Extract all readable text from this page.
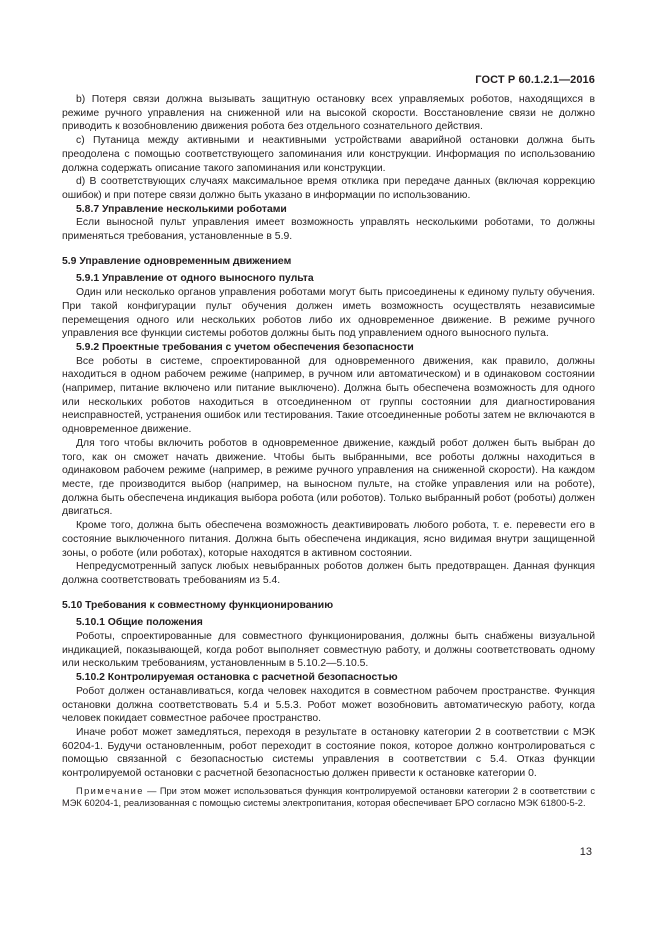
ГОСТ Р 60.1.2.1—2016

b) Потеря связи должна вызывать защитную остановку всех управляемых роботов, находящихся в режиме ручного управления на сниженной или на высокой скорости. Восстановление связи не должно приводить к возобновлению движения робота без отдельного сознательного действия.

c) Путаница между активными и неактивными устройствами аварийной остановки должна быть преодолена с помощью соответствующего запоминания или конструкции. Информация по использованию должна содержать описание такого запоминания или конструкции.

d) В соответствующих случаях максимальное время отклика при передаче данных (включая коррекцию ошибок) и при потере связи должно быть указано в информации по использованию.

5.8.7 Управление несколькими роботами

Если выносной пульт управления имеет возможность управлять несколькими роботами, то должны применяться требования, установленные в 5.9.

5.9 Управление одновременным движением

5.9.1 Управление от одного выносного пульта

Один или несколько органов управления роботами могут быть присоединены к единому пульту обучения. При такой конфигурации пульт обучения должен иметь возможность осуществлять независимые перемещения одного или нескольких роботов либо их одновременное движение. В режиме ручного управления все функции системы роботов должны быть под управлением одного выносного пульта.

5.9.2 Проектные требования с учетом обеспечения безопасности

Все роботы в системе, спроектированной для одновременного движения, как правило, должны находиться в одном рабочем режиме (например, в ручном или автоматическом) и в одинаковом состоянии (например, питание включено или питание выключено). Должна быть обеспечена возможность для одного или нескольких роботов находиться в отсоединенном от группы состоянии для диагностирования неисправностей, устранения ошибок или тестирования. Такие отсоединенные роботы затем не включаются в одновременное движение.

Для того чтобы включить роботов в одновременное движение, каждый робот должен быть выбран до того, как он сможет начать движение. Чтобы быть выбранными, все роботы должны находиться в одинаковом рабочем режиме (например, в режиме ручного управления на сниженной скорости). На каждом месте, где производится выбор (например, на выносном пульте, на стойке управления или на роботе), должна быть обеспечена индикация выбора робота (или роботов). Только выбранный робот (роботы) должен двигаться.

Кроме того, должна быть обеспечена возможность деактивировать любого робота, т. е. перевести его в состояние выключенного питания. Должна быть обеспечена индикация, ясно видимая внутри защищенной зоны, о роботе (или роботах), которые находятся в активном состоянии.

Непредусмотренный запуск любых невыбранных роботов должен быть предотвращен. Данная функция должна соответствовать требованиям из 5.4.

5.10 Требования к совместному функционированию

5.10.1 Общие положения

Роботы, спроектированные для совместного функционирования, должны быть снабжены визуальной индикацией, показывающей, когда робот выполняет совместную работу, и должны соответствовать одному или нескольким требованиям, установленным в 5.10.2—5.10.5.

5.10.2 Контролируемая остановка с расчетной безопасностью

Робот должен останавливаться, когда человек находится в совместном рабочем пространстве. Функция остановки должна соответствовать 5.4 и 5.5.3. Робот может возобновить автоматическую работу, когда человек покидает совместное рабочее пространство.

Иначе робот может замедляться, переходя в результате в остановку категории 2 в соответствии с МЭК 60204-1. Будучи остановленным, робот переходит в состояние покоя, которое должно контролироваться с помощью связанной с безопасностью системы управления в соответствии с 5.4. Отказ функции контролируемой остановки с расчетной безопасностью должен привести к остановке категории 0.

Примечание — При этом может использоваться функция контролируемой остановки категории 2 в соответствии с МЭК 60204-1, реализованная с помощью системы электропитания, которая обеспечивает БРО согласно МЭК 61800-5-2.

13
